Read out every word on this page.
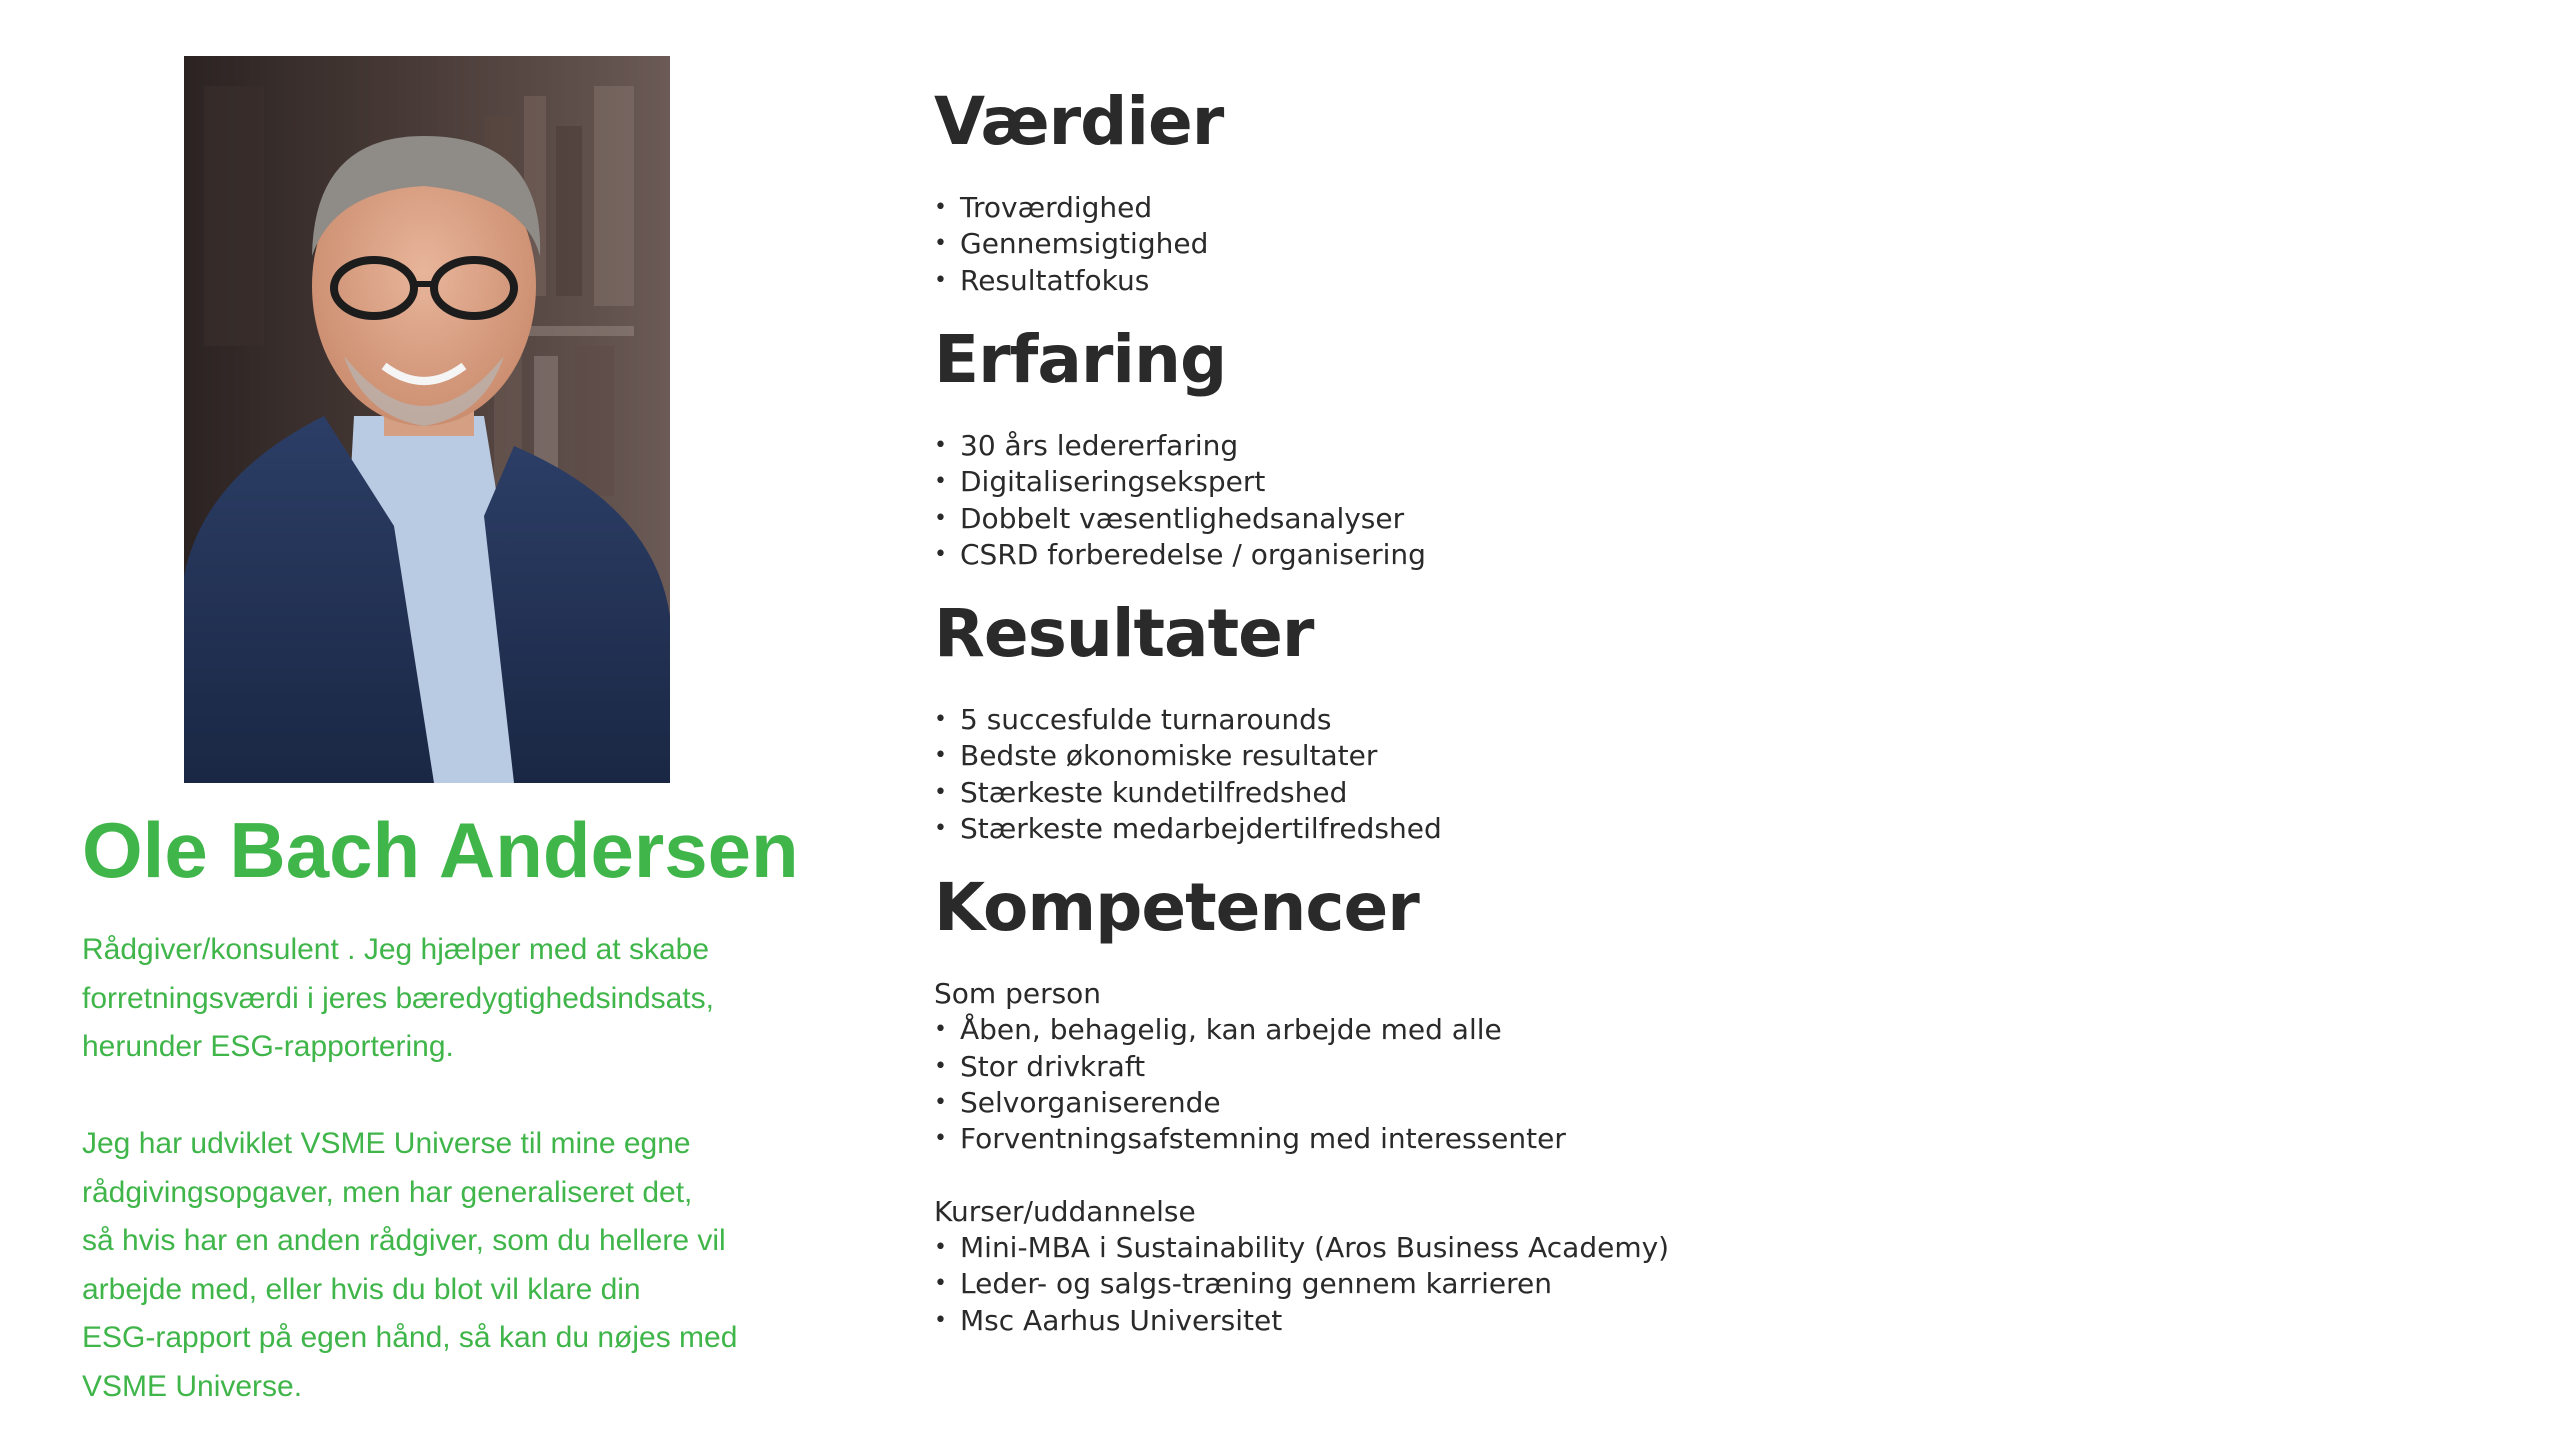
Ole Bach Andersen

Rådgiver/konsulent . Jeg hjælper med at skabe
forretningsværdi i jeres bæredygtighedsindsats,
herunder ESG-rapportering.

Jeg har udviklet VSME Universe til mine egne
rådgivingsopgaver, men har generaliseret det,
så hvis har en anden rådgiver, som du hellere vil
arbejde med, eller hvis du blot vil klare din
ESG-rapport på egen hånd, så kan du nøjes med
VSME Universe.

Værdier
• Troværdighed
• Gennemsigtighed
• Resultatfokus
Erfaring
• 30 års ledererfaring
• Digitaliseringsekspert
• Dobbelt væsentlighedsanalyser
• CSRD forberedelse / organisering
Resultater
• 5 succesfulde turnarounds
• Bedste økonomiske resultater
• Stærkeste kundetilfredshed
• Stærkeste medarbejdertilfredshed
Kompetencer
Som person
• Åben, behagelig, kan arbejde med alle
• Stor drivkraft
• Selvorganiserende
• Forventningsafstemning med interessenter
Kurser/uddannelse
• Mini-MBA i Sustainability (Aros Business Academy)
• Leder- og salgs-træning gennem karrieren
• Msc Aarhus Universitet
